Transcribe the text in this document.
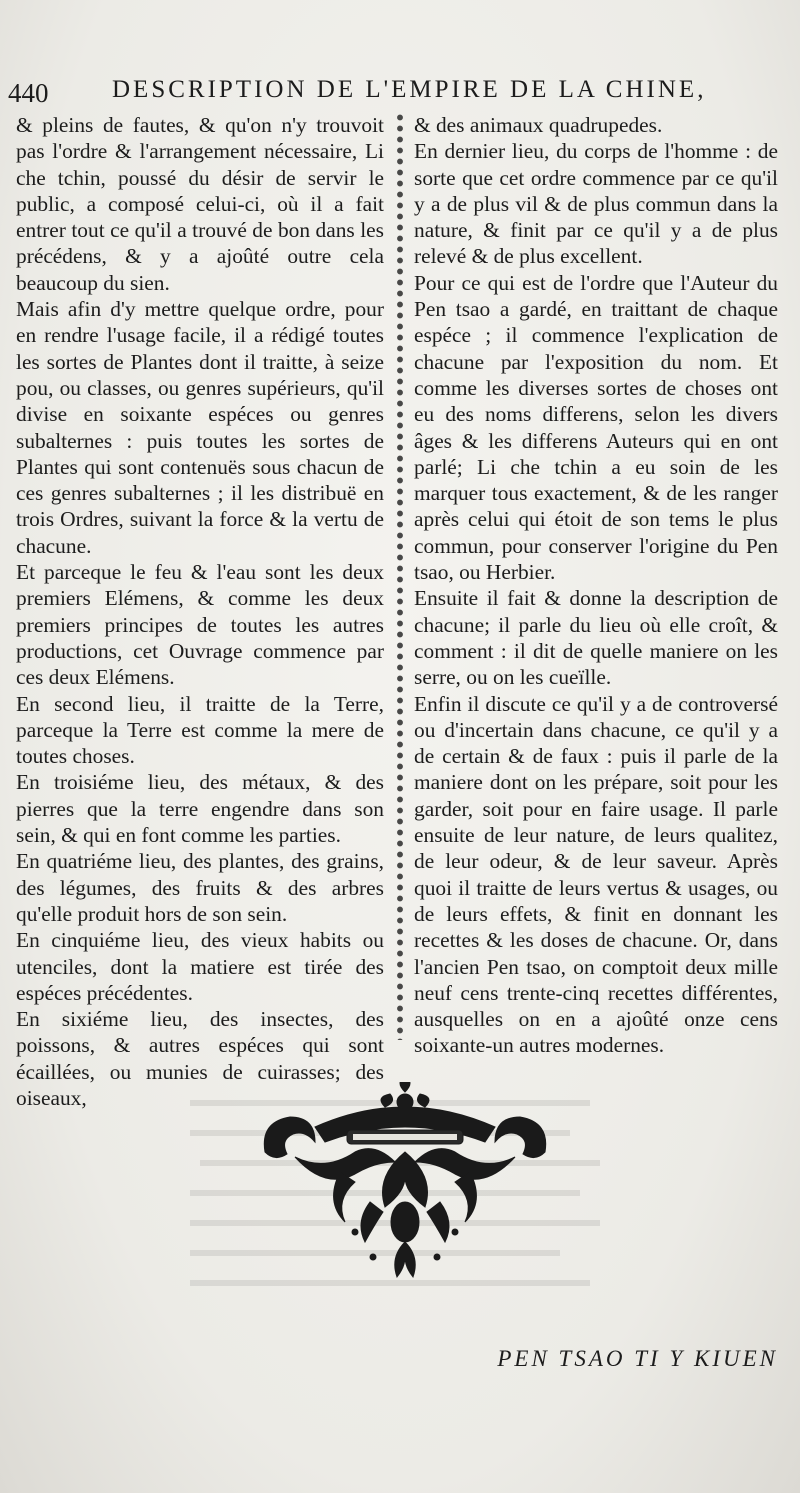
440	DESCRIPTION DE L'EMPIRE DE LA CHINE,

& pleins de fautes, & qu'on n'y trouvoit pas l'ordre & l'arrangement nécessaire, Li che tchin, poussé du désir de servir le public, a composé celui-ci, où il a fait entrer tout ce qu'il a trouvé de bon dans les précédens, & y a ajoûté outre cela beaucoup du sien.

Mais afin d'y mettre quelque ordre, pour en rendre l'usage facile, il a rédigé toutes les sortes de Plantes dont il traitte, à seize pou, ou classes, ou genres supérieurs, qu'il divise en soixante espéces ou genres subalternes : puis toutes les sortes de Plantes qui sont contenuës sous chacun de ces genres subalternes ; il les distribuë en trois Ordres, suivant la force & la vertu de chacune.

Et parceque le feu & l'eau sont les deux premiers Elémens, & comme les deux premiers principes de toutes les autres productions, cet Ouvrage commence par ces deux Elémens.

En second lieu, il traitte de la Terre, parceque la Terre est comme la mere de toutes choses.

En troisiéme lieu, des métaux, & des pierres que la terre engendre dans son sein, & qui en font comme les parties.

En quatriéme lieu, des plantes, des grains, des légumes, des fruits & des arbres qu'elle produit hors de son sein.

En cinquiéme lieu, des vieux habits ou utenciles, dont la matiere est tirée des espéces précédentes.

En sixiéme lieu, des insectes, des poissons, & autres espéces qui sont écaillées, ou munies de cuirasses; des oiseaux,

& des animaux quadrupedes.

En dernier lieu, du corps de l'homme : de sorte que cet ordre commence par ce qu'il y a de plus vil & de plus commun dans la nature, & finit par ce qu'il y a de plus relevé & de plus excellent.

Pour ce qui est de l'ordre que l'Auteur du Pen tsao a gardé, en traittant de chaque espéce ; il commence l'explication de chacune par l'exposition du nom. Et comme les diverses sortes de choses ont eu des noms differens, selon les divers âges & les differens Auteurs qui en ont parlé; Li che tchin a eu soin de les marquer tous exactement, & de les ranger après celui qui étoit de son tems le plus commun, pour conserver l'origine du Pen tsao, ou Herbier.

Ensuite il fait & donne la description de chacune; il parle du lieu où elle croît, & comment : il dit de quelle maniere on les serre, ou on les cueïlle.

Enfin il discute ce qu'il y a de controversé ou d'incertain dans chacune, ce qu'il y a de certain & de faux : puis il parle de la maniere dont on les prépare, soit pour les garder, soit pour en faire usage. Il parle ensuite de leur nature, de leurs qualitez, de leur odeur, & de leur saveur. Après quoi il traitte de leurs vertus & usages, ou de leurs effets, & finit en donnant les recettes & les doses de chacune. Or, dans l'ancien Pen tsao, on comptoit deux mille neuf cens trente-cinq recettes différentes, ausquelles on en a ajoûté onze cens soixante-un autres modernes.

PEN TSAO TI Y KIUEN
